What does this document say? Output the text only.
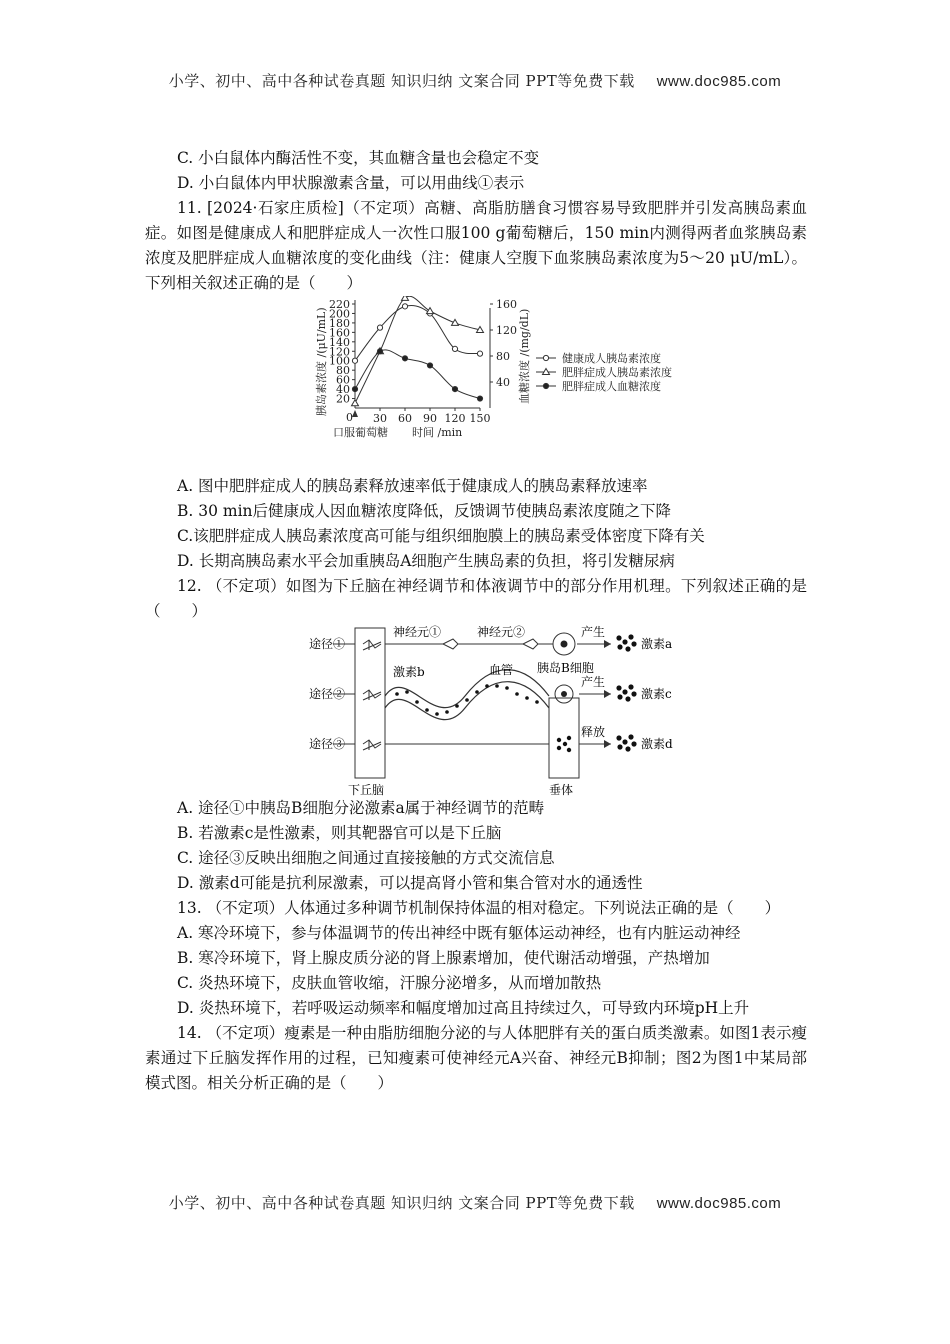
小学、初中、高中各种试卷真题 知识归纳 文案合同 PPT等免费下载 www.doc985.com

C. 小白鼠体内酶活性不变，其血糖含量也会稳定不变

D. 小白鼠体内甲状腺激素含量，可以用曲线①表示

11. [2024·石家庄质检]（不定项）高糖、高脂肪膳食习惯容易导致肥胖并引发高胰岛素血症。如图是健康成人和肥胖症成人一次性口服100 g葡萄糖后，150 min内测得两者血浆胰岛素浓度及肥胖症成人血糖浓度的变化曲线（注：健康人空腹下血浆胰岛素浓度为5～20 μU/mL）。下列相关叙述正确的是（　　）

20
40
60
80
100
120
140
160
180
200
220
0
40
80
120
160
30 60 90 120 150
口服葡萄糖 时间 /min
胰岛素浓度 /(μU/mL)	血糖浓度 /(mg/dL)	健康成人胰岛素浓度
肥胖症成人胰岛素浓度
肥胖症成人血糖浓度

A. 图中肥胖症成人的胰岛素释放速率低于健康成人的胰岛素释放速率

B. 30 min后健康成人因血糖浓度降低，反馈调节使胰岛素浓度随之下降

C.该肥胖症成人胰岛素浓度高可能与组织细胞膜上的胰岛素受体密度下降有关

D. 长期高胰岛素水平会加重胰岛A细胞产生胰岛素的负担，将引发糖尿病

12. （不定项）如图为下丘脑在神经调节和体液调节中的部分作用机理。下列叙述正确的是（　　）

途径①
途径②
途径③
神经元①	神经元②
胰岛B细胞
产生
激素a
激素b	血管
产生
激素c
释放
激素d
下丘脑	垂体

A. 途径①中胰岛B细胞分泌激素a属于神经调节的范畴

B. 若激素c是性激素，则其靶器官可以是下丘脑

C. 途径③反映出细胞之间通过直接接触的方式交流信息

D. 激素d可能是抗利尿激素，可以提高肾小管和集合管对水的通透性

13. （不定项）人体通过多种调节机制保持体温的相对稳定。下列说法正确的是（　　）

A. 寒冷环境下，参与体温调节的传出神经中既有躯体运动神经，也有内脏运动神经

B. 寒冷环境下，肾上腺皮质分泌的肾上腺素增加，使代谢活动增强，产热增加

C. 炎热环境下，皮肤血管收缩，汗腺分泌增多，从而增加散热

D. 炎热环境下，若呼吸运动频率和幅度增加过高且持续过久，可导致内环境pH上升

14. （不定项）瘦素是一种由脂肪细胞分泌的与人体肥胖有关的蛋白质类激素。如图1表示瘦素通过下丘脑发挥作用的过程，已知瘦素可使神经元A兴奋、神经元B抑制；图2为图1中某局部模式图。相关分析正确的是（　　）

小学、初中、高中各种试卷真题 知识归纳 文案合同 PPT等免费下载 www.doc985.com
